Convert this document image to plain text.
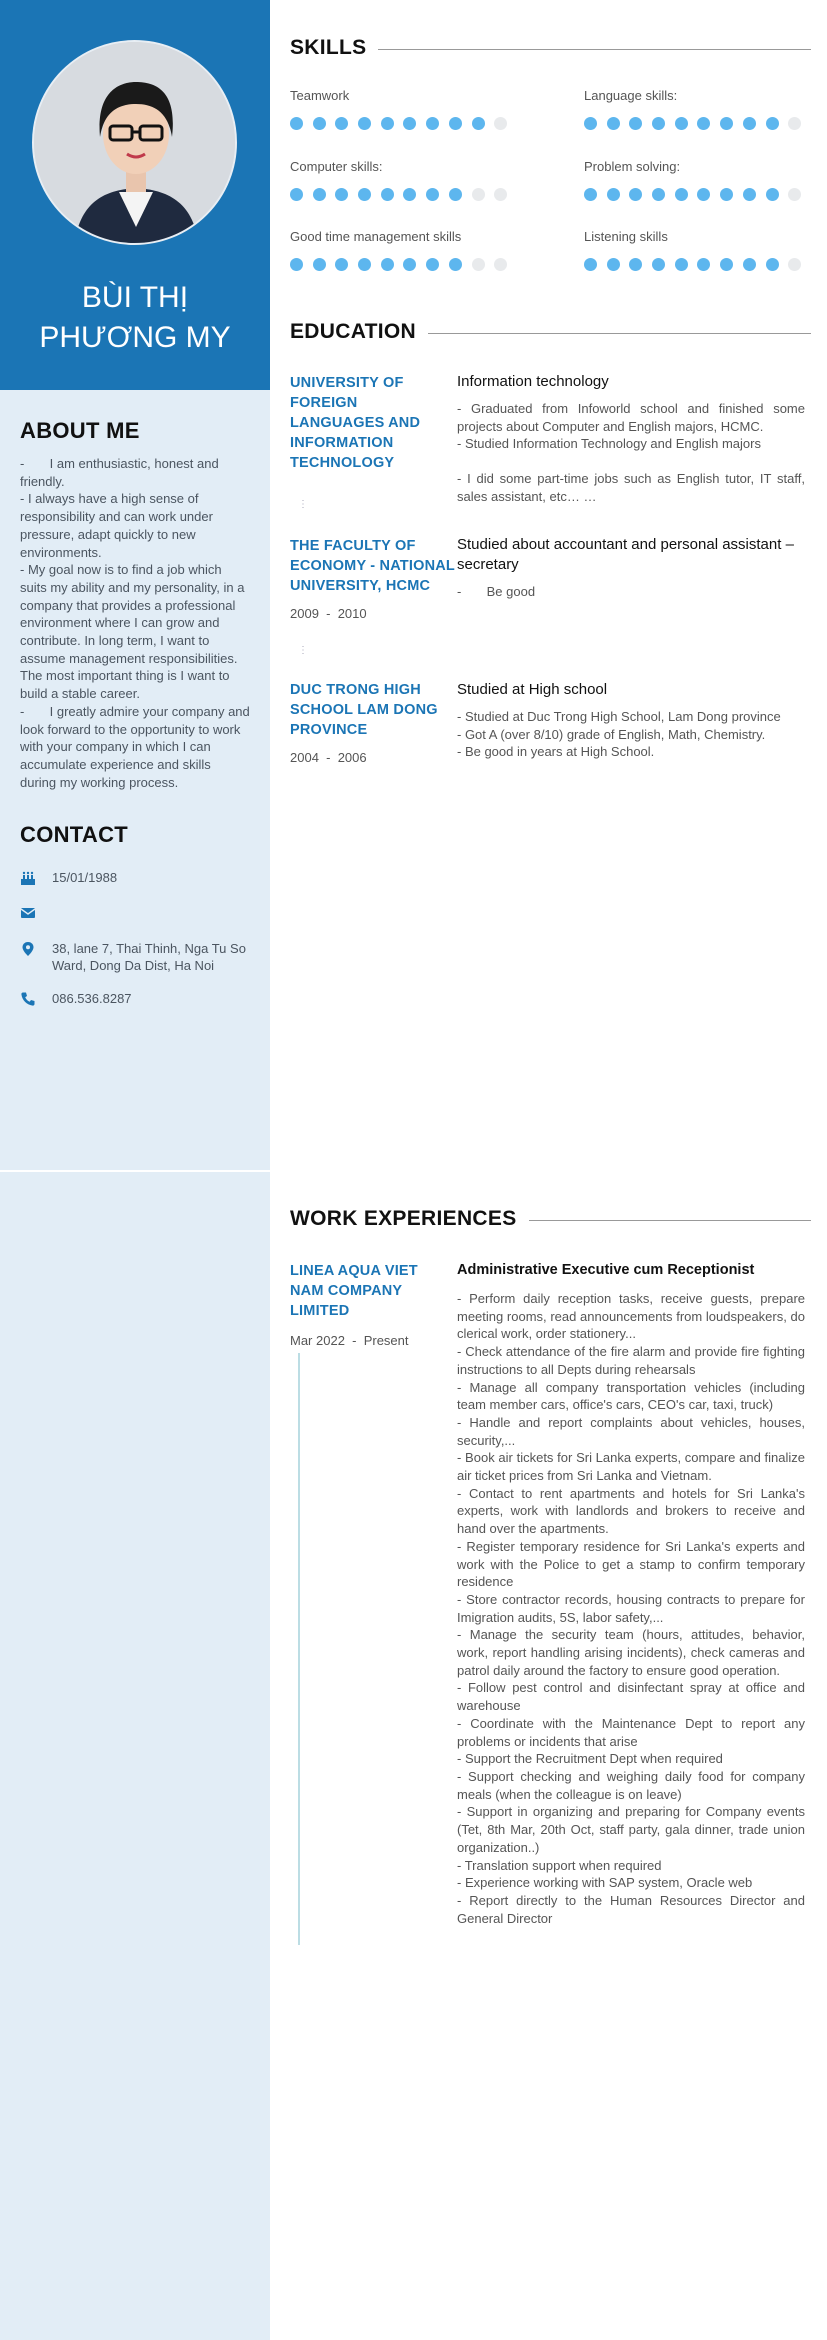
BÙI THỊ
PHƯƠNG MY
ABOUT ME

-       I am enthusiastic, honest and friendly.

- I always have a high sense of responsibility and can work under pressure, adapt quickly to new environments.

- My goal now is to find a job which suits my ability and my personality, in a company that provides a professional environment where I can grow and contribute. In long term, I want to assume management responsibilities. The most important thing is I want to build a stable career.

-       I greatly admire your company and look forward to the opportunity to work with your company in which I can accumulate experience and skills during my working process.

CONTACT
15/01/1988
38, lane 7, Thai Thinh, Nga Tu So Ward, Dong Da Dist, Ha Noi
086.536.8287
SKILLS
Teamwork	Language skills:
Computer skills:	Problem solving:
Good time management skills	Listening skills
EDUCATION
UNIVERSITY OF FOREIGN LANGUAGES AND INFORMATION TECHNOLOGY
⋮
Information technology
- Graduated from Infoworld school and finished some projects about Computer and English majors, HCMC.
- Studied Information Technology and English majors
- I did some part-time jobs such as English tutor, IT staff, sales assistant, etc… …
THE FACULTY OF ECONOMY - NATIONAL UNIVERSITY, HCMC
2009  -  2010
⋮
Studied about accountant and personal assistant – secretary
-       Be good
DUC TRONG HIGH SCHOOL LAM DONG PROVINCE
2004  -  2006
Studied at High school
- Studied at Duc Trong High School, Lam Dong province
- Got A (over 8/10) grade of English, Math, Chemistry.
- Be good in years at High School.
WORK EXPERIENCES
LINEA AQUA VIET NAM COMPANY LIMITED
Mar 2022  -  Present
Administrative Executive cum Receptionist
- Perform daily reception tasks, receive guests, prepare meeting rooms, read announcements from loudspeakers, do clerical work, order stationery...
- Check attendance of the fire alarm and provide fire fighting instructions to all Depts during rehearsals
- Manage all company transportation vehicles (including team member cars, office's cars, CEO's car, taxi, truck)
- Handle and report complaints about vehicles, houses, security,...
- Book air tickets for Sri Lanka experts, compare and finalize air ticket prices from Sri Lanka and Vietnam.
- Contact to rent apartments and hotels for Sri Lanka's experts, work with landlords and brokers to receive and hand over the apartments.
- Register temporary residence for Sri Lanka's experts and work with the Police to get a stamp to confirm temporary residence
- Store contractor records, housing contracts to prepare for Imigration audits, 5S, labor safety,...
- Manage the security team (hours, attitudes, behavior, work, report handling arising incidents), check cameras and patrol daily around the factory to ensure good operation.
- Follow pest control and disinfectant spray at office and warehouse
- Coordinate with the Maintenance Dept to report any problems or incidents that arise
- Support the Recruitment Dept when required
- Support checking and weighing daily food for company meals (when the colleague is on leave)
- Support in organizing and preparing for Company events (Tet, 8th Mar, 20th Oct, staff party, gala dinner, trade union organization..)
- Translation support when required
- Experience working with SAP system, Oracle web
- Report directly to the Human Resources Director and General Director
